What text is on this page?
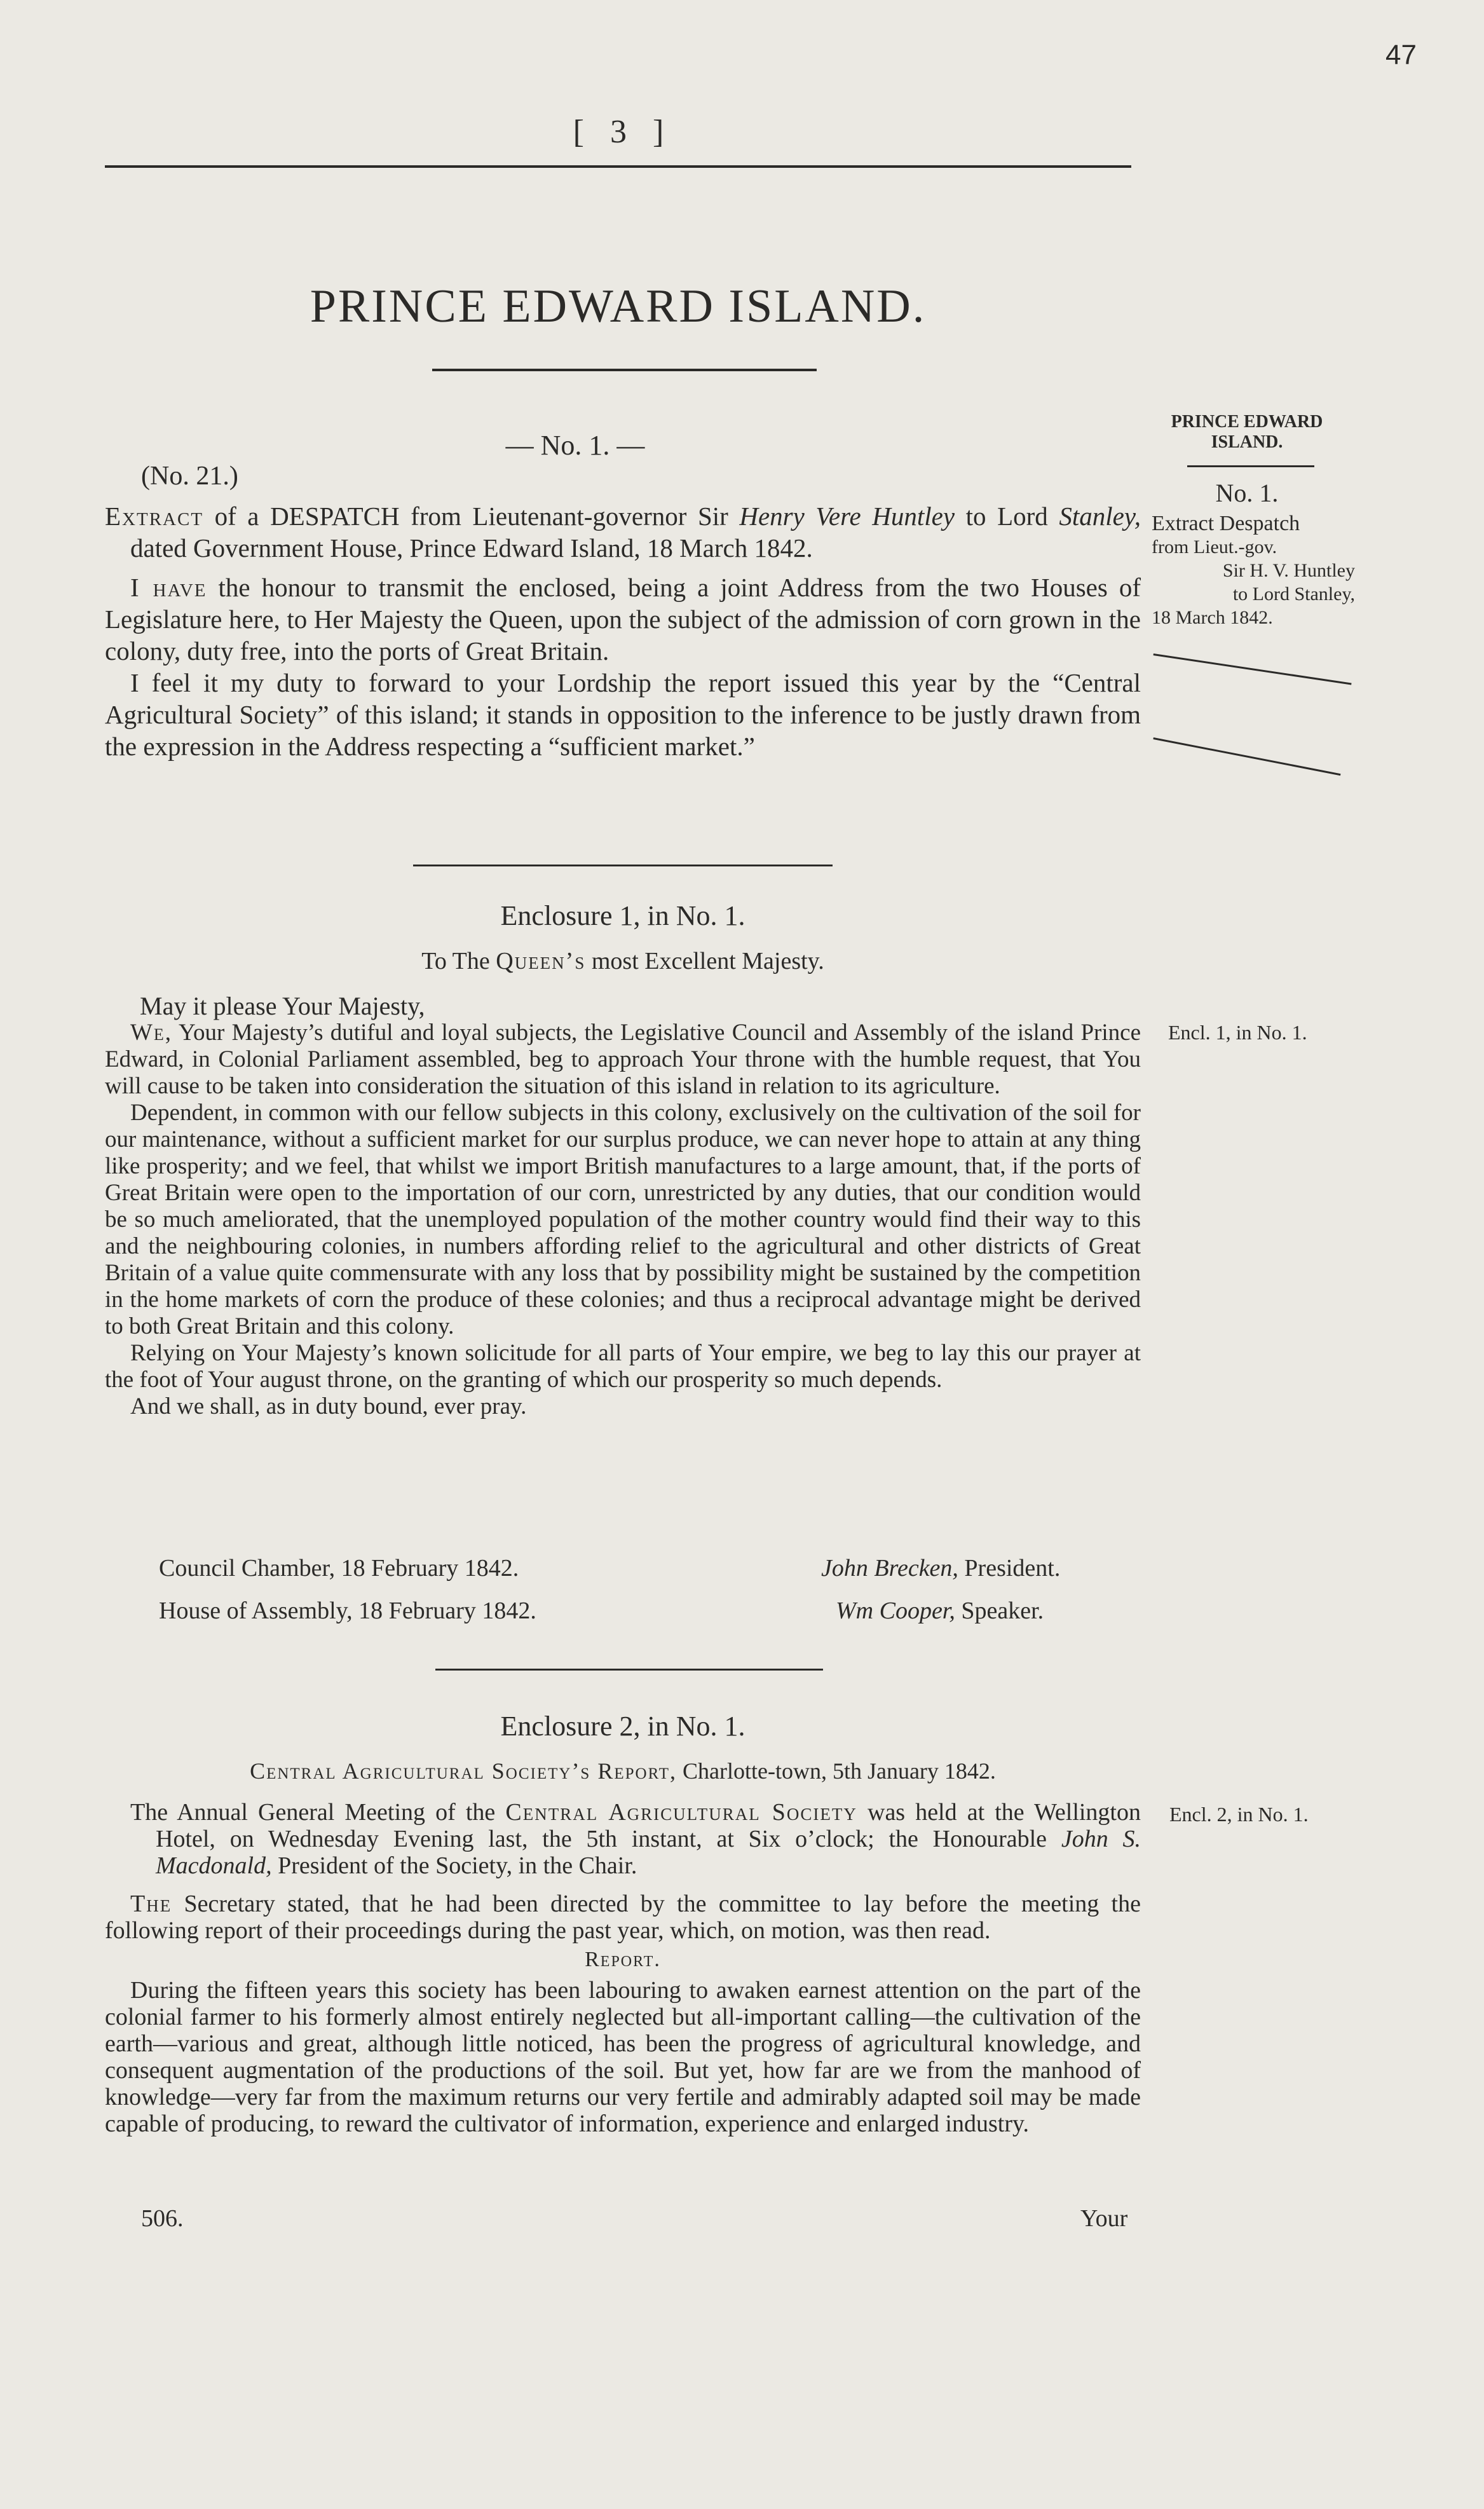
47
[ 3 ]
PRINCE EDWARD ISLAND.
PRINCE EDWARD ISLAND.
No. 1.
Extract Despatch
from Lieut.-gov.
Sir H. V. Huntley
to Lord Stanley,
18 March 1842.
Encl. 1, in No. 1.
Encl. 2, in No. 1.
— No. 1. —
(No. 21.)

Extract of a DESPATCH from Lieutenant-governor Sir Henry Vere Huntley to Lord Stanley, dated Government House, Prince Edward Island, 18 March 1842.

I have the honour to transmit the enclosed, being a joint Address from the two Houses of Legislature here, to Her Majesty the Queen, upon the subject of the admission of corn grown in the colony, duty free, into the ports of Great Britain.

I feel it my duty to forward to your Lordship the report issued this year by the “Central Agricultural Society” of this island; it stands in opposition to the inference to be justly drawn from the expression in the Address respecting a “sufficient market.”

Enclosure 1, in No. 1.
To The Queen’s most Excellent Majesty.

May it please Your Majesty,

We, Your Majesty’s dutiful and loyal subjects, the Legislative Council and Assembly of the island Prince Edward, in Colonial Parliament assembled, beg to approach Your throne with the humble request, that You will cause to be taken into consideration the situation of this island in relation to its agriculture.

Dependent, in common with our fellow subjects in this colony, exclusively on the cultivation of the soil for our maintenance, without a sufficient market for our surplus produce, we can never hope to attain at any thing like prosperity; and we feel, that whilst we import British manufactures to a large amount, that, if the ports of Great Britain were open to the importation of our corn, unrestricted by any duties, that our condition would be so much ameliorated, that the unemployed population of the mother country would find their way to this and the neighbouring colonies, in numbers affording relief to the agricultural and other districts of Great Britain of a value quite commensurate with any loss that by possibility might be sustained by the competition in the home markets of corn the produce of these colonies; and thus a reciprocal advantage might be derived to both Great Britain and this colony.

Relying on Your Majesty’s known solicitude for all parts of Your empire, we beg to lay this our prayer at the foot of Your august throne, on the granting of which our prosperity so much depends.

And we shall, as in duty bound, ever pray.

Council Chamber, 18 February 1842.	John Brecken, President.
House of Assembly, 18 February 1842.	Wm Cooper, Speaker.
Enclosure 2, in No. 1.
Central Agricultural Society’s Report, Charlotte-town, 5th January 1842.

The Annual General Meeting of the Central Agricultural Society was held at the Wellington Hotel, on Wednesday Evening last, the 5th instant, at Six o’clock; the Honourable John S. Macdonald, President of the Society, in the Chair.

The Secretary stated, that he had been directed by the committee to lay before the meeting the following report of their proceedings during the past year, which, on motion, was then read.

Report.

During the fifteen years this society has been labouring to awaken earnest attention on the part of the colonial farmer to his formerly almost entirely neglected but all-important calling—the cultivation of the earth—various and great, although little noticed, has been the progress of agricultural knowledge, and consequent augmentation of the productions of the soil. But yet, how far are we from the manhood of knowledge—very far from the maximum returns our very fertile and admirably adapted soil may be made capable of producing, to reward the cultivator of information, experience and enlarged industry.

506.	Your
